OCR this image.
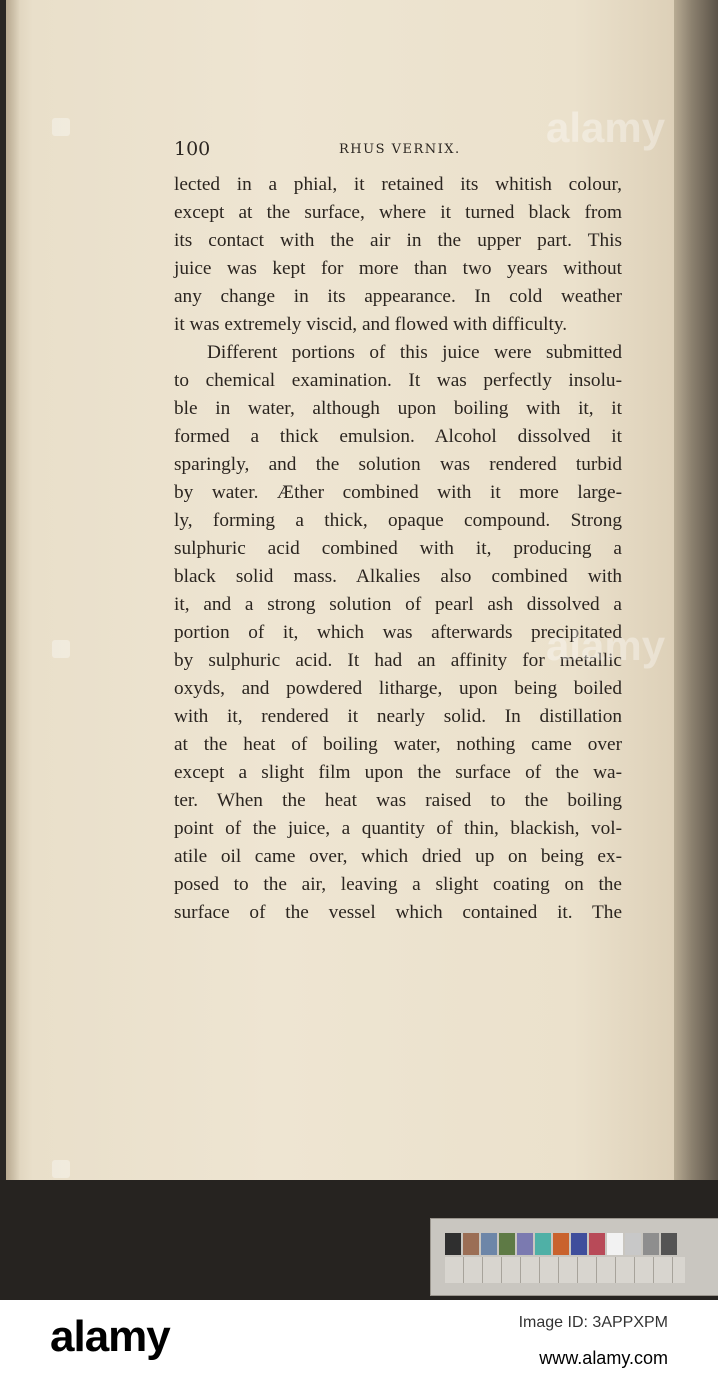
100	RHUS VERNIX.
lected in a phial, it retained its whitish colour,
except at the surface, where it turned black from
its contact with the air in the upper part. This
juice was kept for more than two years without
any change in its appearance. In cold weather
it was extremely viscid, and flowed with difficulty.
Different portions of this juice were submitted
to chemical examination. It was perfectly insolu-
ble in water, although upon boiling with it, it
formed a thick emulsion. Alcohol dissolved it
sparingly, and the solution was rendered turbid
by water. Æther combined with it more large-
ly, forming a thick, opaque compound. Strong
sulphuric acid combined with it, producing a
black solid mass. Alkalies also combined with
it, and a strong solution of pearl ash dissolved a
portion of it, which was afterwards precipitated
by sulphuric acid. It had an affinity for metallic
oxyds, and powdered litharge, upon being boiled
with it, rendered it nearly solid. In distillation
at the heat of boiling water, nothing came over
except a slight film upon the surface of the wa-
ter. When the heat was raised to the boiling
point of the juice, a quantity of thin, blackish, vol-
atile oil came over, which dried up on being ex-
posed to the air, leaving a slight coating on the
surface of the vessel which contained it. The
alamy
alamy
alamy	Image ID: 3APPXPM
www.alamy.com
